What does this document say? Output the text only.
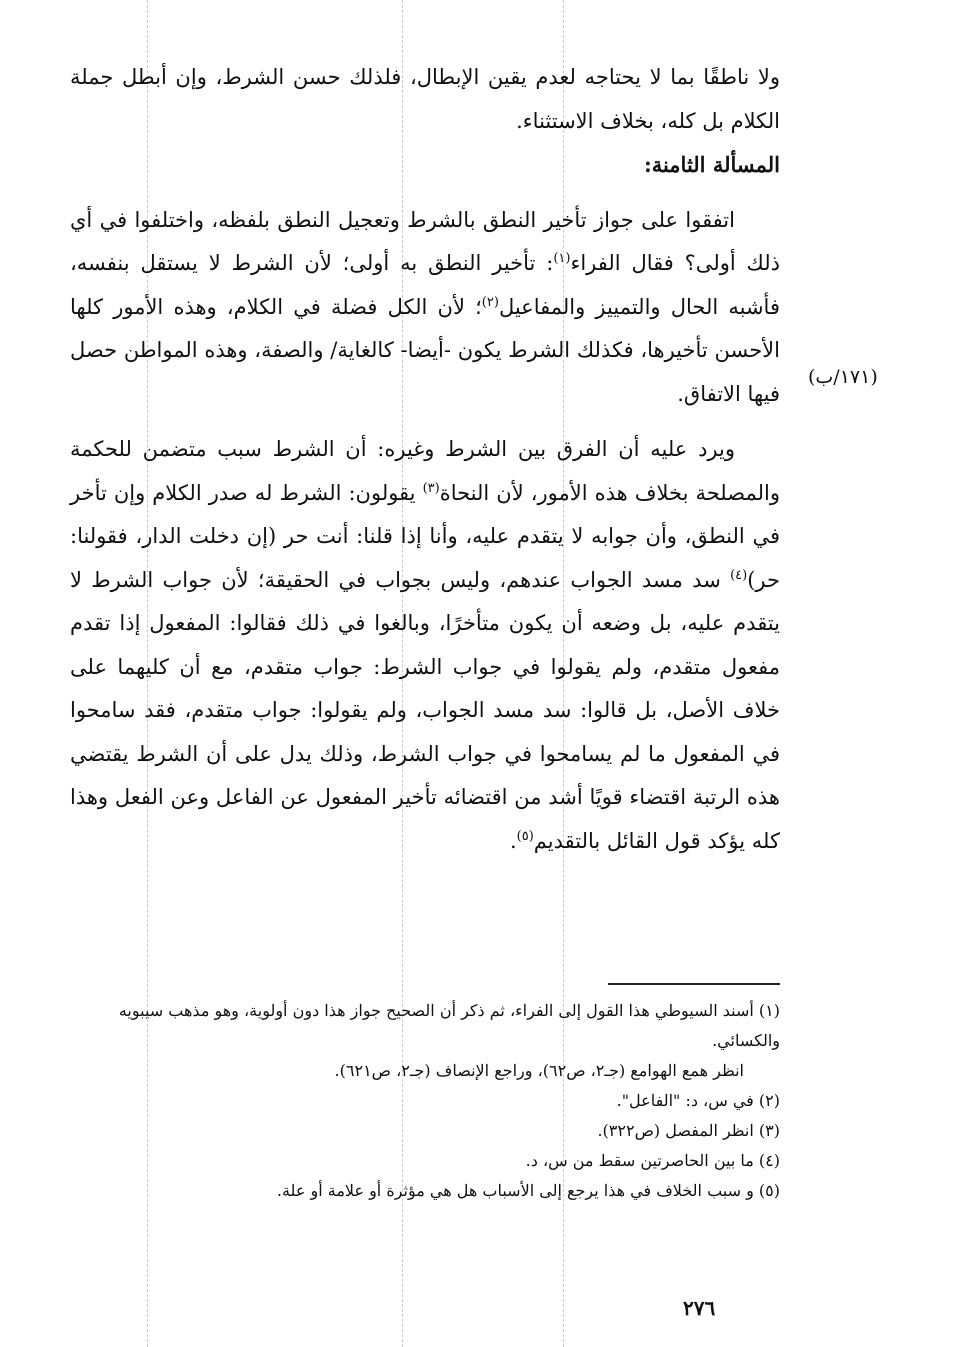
ولا ناطقًا بما لا يحتاجه لعدم يقين الإبطال، فلذلك حسن الشرط، وإن أبطل جملة الكلام بل كله، بخلاف الاستثناء.

المسألة الثامنة:

اتفقوا على جواز تأخير النطق بالشرط وتعجيل النطق بلفظه، واختلفوا في أي ذلك أولى؟ فقال الفراء$^{(١)}$: تأخير النطق به أولى؛ لأن الشرط لا يستقل بنفسه، فأشبه الحال والتمييز والمفاعيل$^{(٢)}$؛ لأن الكل فضلة في الكلام، وهذه الأمور كلها الأحسن تأخيرها، فكذلك الشرط يكون -أيضا- كالغاية/ والصفة، وهذه المواطن حصل فيها الاتفاق.

ويرد عليه أن الفرق بين الشرط وغيره: أن الشرط سبب متضمن للحكمة والمصلحة بخلاف هذه الأمور، لأن النحاة$^{(٣)}$ يقولون: الشرط له صدر الكلام وإن تأخر في النطق، وأن جوابه لا يتقدم عليه، وأنا إذا قلنا: أنت حر (إن دخلت الدار، فقولنا: حر)$^{(٤)}$ سد مسد الجواب عندهم، وليس بجواب في الحقيقة؛ لأن جواب الشرط لا يتقدم عليه، بل وضعه أن يكون متأخرًا، وبالغوا في ذلك فقالوا: المفعول إذا تقدم مفعول متقدم، ولم يقولوا في جواب الشرط: جواب متقدم، مع أن كليهما على خلاف الأصل، بل قالوا: سد مسد الجواب، ولم يقولوا: جواب متقدم، فقد سامحوا في المفعول ما لم يسامحوا في جواب الشرط، وذلك يدل على أن الشرط يقتضي هذه الرتبة اقتضاء قويًا أشد من اقتضائه تأخير المفعول عن الفاعل وعن الفعل وهذا كله يؤكد قول القائل بالتقديم$^{(٥)}$.

(١٧١/ب)

(١) أسند السيوطي هذا القول إلى الفراء، ثم ذكر أن الصحيح جواز هذا دون أولوية، وهو مذهب سيبويه والكسائي.

انظر همع الهوامع (جـ٢، ص٦٢)، وراجع الإنصاف (جـ٢، ص٦٢١).

(٢) في س، د: "الفاعل".

(٣) انظر المفصل (ص٣٢٢).

(٤) ما بين الحاصرتين سقط من س، د.

(٥) و سبب الخلاف في هذا يرجع إلى الأسباب هل هي مؤثرة أو علامة أو علة.

٢٧٦
